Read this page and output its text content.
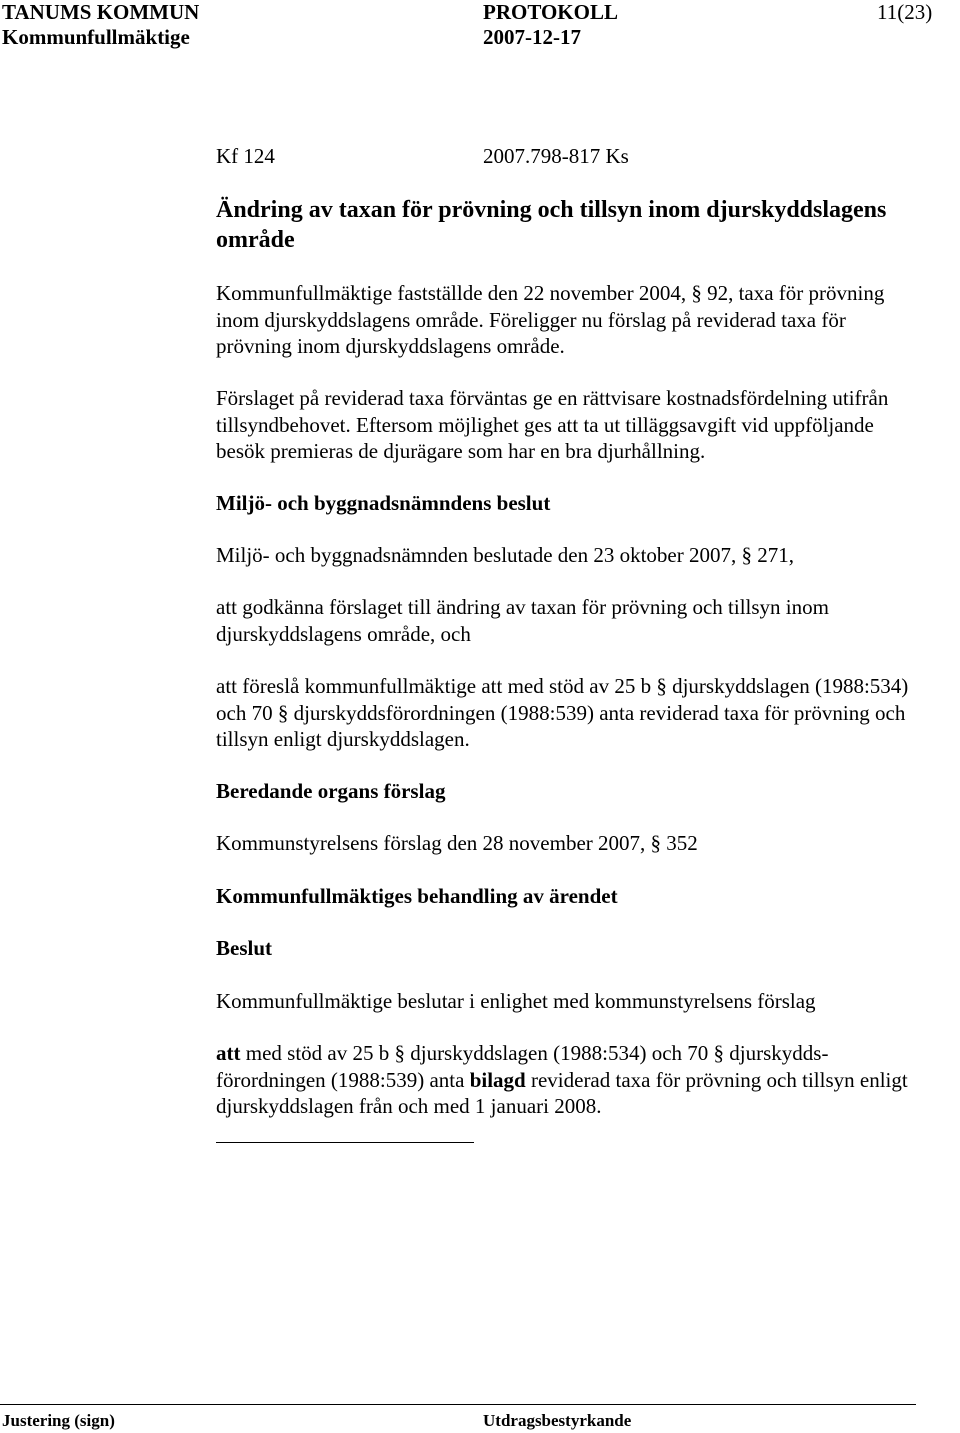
TANUMS KOMMUN	PROTOKOLL	11(23)
Kommunfullmäktige	2007-12-17
Kf 124	2007.798-817 Ks

Ändring av taxan för prövning och tillsyn inom djurskyddslagens

område

Kommunfullmäktige fastställde den 22 november 2004, § 92, taxa för prövning

inom djurskyddslagens område. Föreligger nu förslag på reviderad taxa för

prövning inom djurskyddslagens område.

Förslaget på reviderad taxa förväntas ge en rättvisare kostnadsfördelning utifrån

tillsyndbehovet. Eftersom möjlighet ges att ta ut tilläggsavgift vid uppföljande

besök premieras de djurägare som har en bra djurhållning.

Miljö- och byggnadsnämndens beslut

Miljö- och byggnadsnämnden beslutade den 23 oktober 2007, § 271,

att godkänna förslaget till ändring av taxan för prövning och tillsyn inom

djurskyddslagens område, och

att föreslå kommunfullmäktige att med stöd av 25 b § djurskyddslagen (1988:534)

och 70 § djurskyddsförordningen (1988:539) anta reviderad taxa för prövning och

tillsyn enligt djurskyddslagen.

Beredande organs förslag

Kommunstyrelsens förslag den 28 november 2007, § 352

Kommunfullmäktiges behandling av ärendet

Beslut

Kommunfullmäktige beslutar i enlighet med kommunstyrelsens förslag

att med stöd av 25 b § djurskyddslagen (1988:534) och 70 § djurskydds-

förordningen (1988:539) anta bilagd reviderad taxa för prövning och tillsyn enligt

djurskyddslagen från och med 1 januari 2008.

Justering (sign)	Utdragsbestyrkande
